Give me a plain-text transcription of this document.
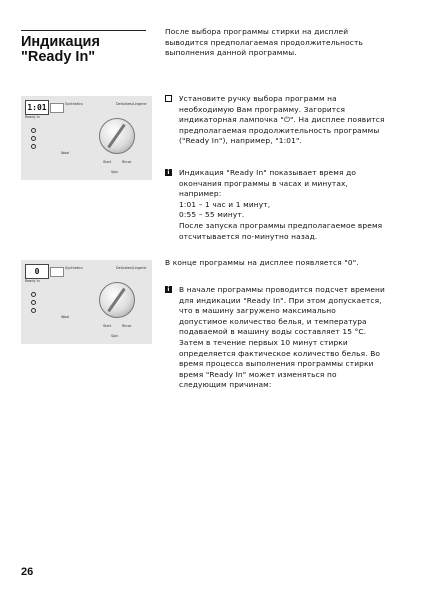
Индикация
"Ready In"

После выбора программы стирки на дисплей выводится предполагаемая продолжительность выполнения данной программы.

1:01
Ready In
Synthetics	Delicates/Lingerie
Wool
Start	Rinse
Spin

Установите ручку выбора программ на необходимую Вам программу. Загорится индикаторная лампочка "⏻". На дисплее появится предполагаемая продолжительность программы ("Ready In"), например, "1:01".

i	Индикация "Ready In" показывает время до окончания программы в часах и минутах, например:

1:01 – 1 час и 1 минут,

0:55 – 55 минут.

После запуска программы предполагаемое время отсчитывается по-минутно назад.

0
Ready In
Synthetics	Delicates/Lingerie
Wool
Start	Rinse
Spin

В конце программы на дисплее появляется "0".

i	В начале программы проводится подсчет времени для индикации "Ready In". При этом допускается, что в машину загружено максимально допустимое количество белья, и температура подаваемой в машину воды составляет 15 °C. Затем в течение первых 10 минут стирки определяется фактическое количество белья. Во время процесса выполнения программы стирки время "Ready In" может изменяться по следующим причинам:

26
